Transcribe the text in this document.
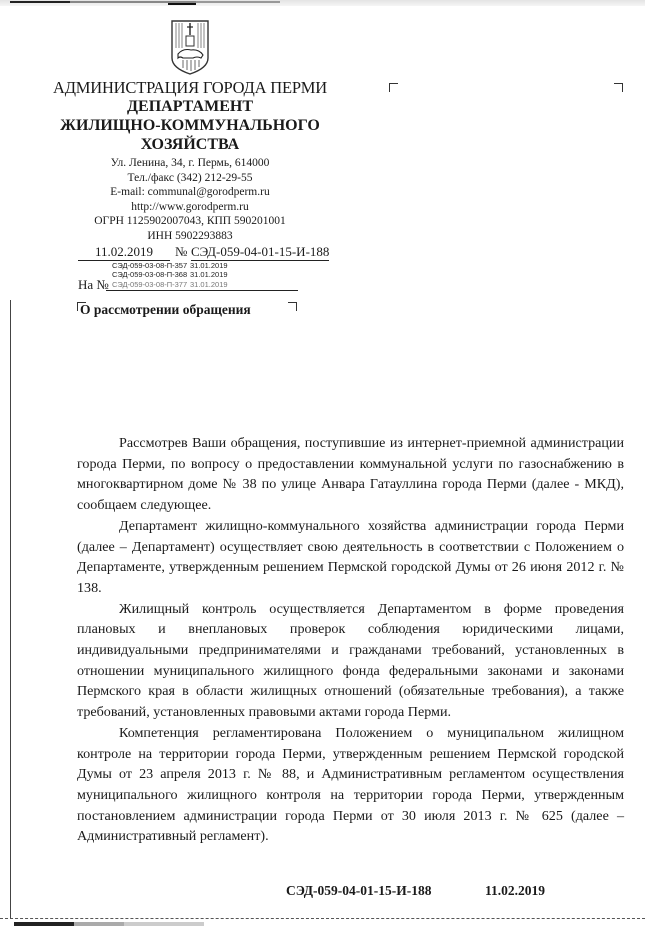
АДМИНИСТРАЦИЯ ГОРОДА ПЕРМИ
ДЕПАРТАМЕНТ
ЖИЛИЩНО-КОММУНАЛЬНОГО
ХОЗЯЙСТВА
Ул. Ленина, 34, г. Пермь, 614000
Тел./факс (342) 212-29-55
E-mail: communal@gorodperm.ru
http://www.gorodperm.ru
ОГРН 1125902007043, КПП 590201001
ИНН 5902293883
11.02.2019	№ СЭД-059-04-01-15-И-188
СЭД-059-03-08-П-357 31.01.2019
СЭД-059-03-08-П-368 31.01.2019
СЭД-059-03-08-П-377 31.01.2019
На №
О рассмотрении обращения

Рассмотрев Ваши обращения, поступившие из интернет-приемной администрации города Перми, по вопросу о предоставлении коммунальной услуги по газоснабжению в многоквартирном доме № 38 по улице Анвара Гатауллина города Перми (далее - МКД), сообщаем следующее.

Департамент жилищно-коммунального хозяйства администрации города Перми (далее – Департамент) осуществляет свою деятельность в соответствии с Положением о Департаменте, утвержденным решением Пермской городской Думы от 26 июня 2012 г. № 138.

Жилищный контроль осуществляется Департаментом в форме проведения плановых и внеплановых проверок соблюдения юридическими лицами, индивидуальными предпринимателями и гражданами требований, установленных в отношении муниципального жилищного фонда федеральными законами и законами Пермского края в области жилищных отношений (обязательные требования), а также требований, установленных правовыми актами города Перми.

Компетенция регламентирована Положением о муниципальном жилищном контроле на территории города Перми, утвержденным решением Пермской городской Думы от 23 апреля 2013 г. № 88, и Административным регламентом осуществления муниципального жилищного контроля на территории города Перми, утвержденным постановлением администрации города Перми от 30 июля 2013 г. № 625 (далее – Административный регламент).

СЭД-059-04-01-15-И-188	11.02.2019
